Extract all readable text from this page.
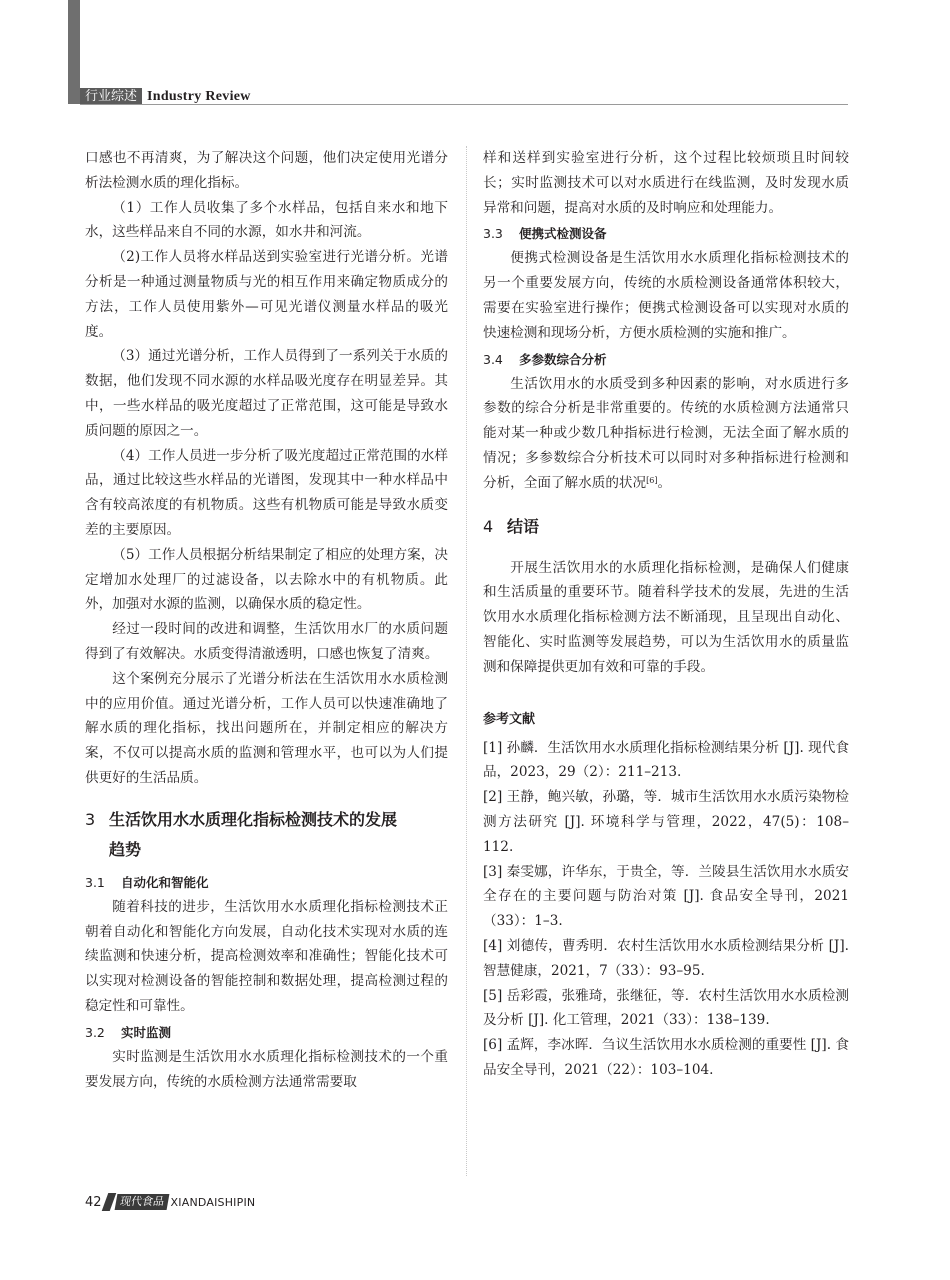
行业综述 Industry Review

口感也不再清爽，为了解决这个问题，他们决定使用光谱分析法检测水质的理化指标。

（1）工作人员收集了多个水样品，包括自来水和地下水，这些样品来自不同的水源，如水井和河流。

（2)工作人员将水样品送到实验室进行光谱分析。光谱分析是一种通过测量物质与光的相互作用来确定物质成分的方法，工作人员使用紫外—可见光谱仪测量水样品的吸光度。

（3）通过光谱分析，工作人员得到了一系列关于水质的数据，他们发现不同水源的水样品吸光度存在明显差异。其中，一些水样品的吸光度超过了正常范围，这可能是导致水质问题的原因之一。

（4）工作人员进一步分析了吸光度超过正常范围的水样品，通过比较这些水样品的光谱图，发现其中一种水样品中含有较高浓度的有机物质。这些有机物质可能是导致水质变差的主要原因。

（5）工作人员根据分析结果制定了相应的处理方案，决定增加水处理厂的过滤设备，以去除水中的有机物质。此外，加强对水源的监测，以确保水质的稳定性。

经过一段时间的改进和调整，生活饮用水厂的水质问题得到了有效解决。水质变得清澈透明，口感也恢复了清爽。

这个案例充分展示了光谱分析法在生活饮用水水质检测中的应用价值。通过光谱分析，工作人员可以快速准确地了解水质的理化指标，找出问题所在，并制定相应的解决方案，不仅可以提高水质的监测和管理水平，也可以为人们提供更好的生活品质。

3 生活饮用水水质理化指标检测技术的发展
趋势
3.1 自动化和智能化

随着科技的进步，生活饮用水水质理化指标检测技术正朝着自动化和智能化方向发展，自动化技术实现对水质的连续监测和快速分析，提高检测效率和准确性；智能化技术可以实现对检测设备的智能控制和数据处理，提高检测过程的稳定性和可靠性。

3.2 实时监测

实时监测是生活饮用水水质理化指标检测技术的一个重要发展方向，传统的水质检测方法通常需要取

样和送样到实验室进行分析，这个过程比较烦琐且时间较长；实时监测技术可以对水质进行在线监测，及时发现水质异常和问题，提高对水质的及时响应和处理能力。

3.3 便携式检测设备

便携式检测设备是生活饮用水水质理化指标检测技术的另一个重要发展方向，传统的水质检测设备通常体积较大，需要在实验室进行操作；便携式检测设备可以实现对水质的快速检测和现场分析，方便水质检测的实施和推广。

3.4 多参数综合分析

生活饮用水的水质受到多种因素的影响，对水质进行多参数的综合分析是非常重要的。传统的水质检测方法通常只能对某一种或少数几种指标进行检测，无法全面了解水质的情况；多参数综合分析技术可以同时对多种指标进行检测和分析，全面了解水质的状况[6]。

4 结语

开展生活饮用水的水质理化指标检测，是确保人们健康和生活质量的重要环节。随着科学技术的发展，先进的生活饮用水水质理化指标检测方法不断涌现，且呈现出自动化、智能化、实时监测等发展趋势，可以为生活饮用水的质量监测和保障提供更加有效和可靠的手段。

参考文献

[1] 孙麟．生活饮用水水质理化指标检测结果分析 [J]. 现代食品，2023，29（2）：211–213.

[2] 王静，鲍兴敏，孙璐，等．城市生活饮用水水质污染物检测方法研究 [J]. 环境科学与管理，2022，47(5)：108–112.

[3] 秦雯娜，许华东，于贵全，等．兰陵县生活饮用水水质安全存在的主要问题与防治对策 [J]. 食品安全导刊，2021（33）：1–3.

[4] 刘德传，曹秀明．农村生活饮用水水质检测结果分析 [J]. 智慧健康，2021，7（33）：93–95.

[5] 岳彩霞，张雅琦，张继征，等．农村生活饮用水水质检测及分析 [J]. 化工管理，2021（33）：138–139.

[6] 孟辉，李冰晖．刍议生活饮用水水质检测的重要性 [J]. 食品安全导刊，2021（22）：103–104.

42	现代食品 XIANDAISHIPIN
